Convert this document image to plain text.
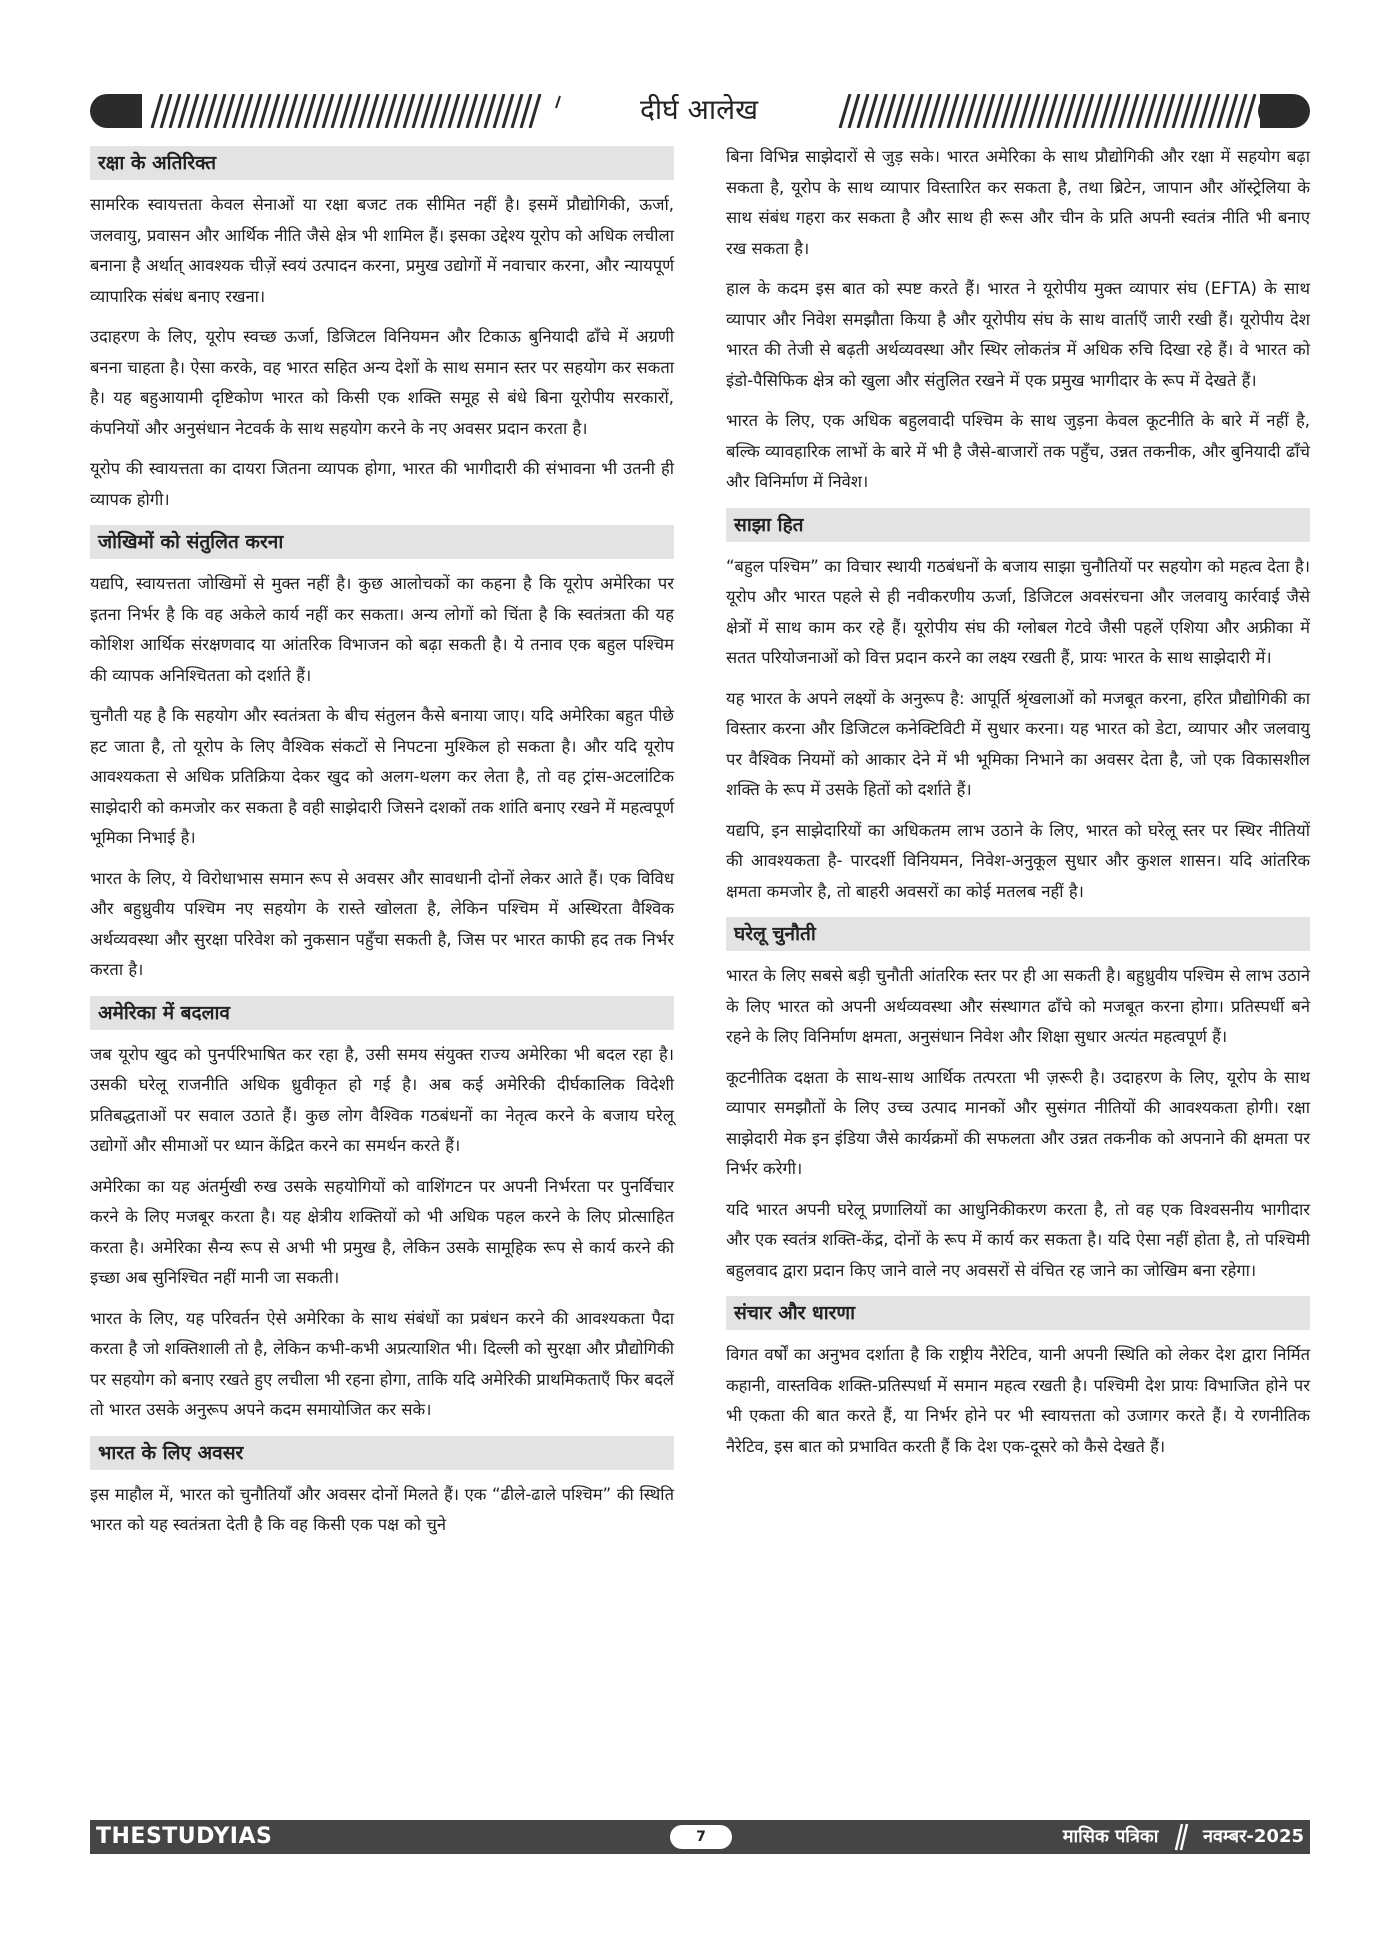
दीर्घ आलेख
रक्षा के अतिरिक्त

सामरिक स्वायत्तता केवल सेनाओं या रक्षा बजट तक सीमित नहीं है। इसमें प्रौद्योगिकी, ऊर्जा, जलवायु, प्रवासन और आर्थिक नीति जैसे क्षेत्र भी शामिल हैं। इसका उद्देश्य यूरोप को अधिक लचीला बनाना है अर्थात् आवश्यक चीज़ें स्वयं उत्पादन करना, प्रमुख उद्योगों में नवाचार करना, और न्यायपूर्ण व्यापारिक संबंध बनाए रखना।

उदाहरण के लिए, यूरोप स्वच्छ ऊर्जा, डिजिटल विनियमन और टिकाऊ बुनियादी ढाँचे में अग्रणी बनना चाहता है। ऐसा करके, वह भारत सहित अन्य देशों के साथ समान स्तर पर सहयोग कर सकता है। यह बहुआयामी दृष्टिकोण भारत को किसी एक शक्ति समूह से बंधे बिना यूरोपीय सरकारों, कंपनियों और अनुसंधान नेटवर्क के साथ सहयोग करने के नए अवसर प्रदान करता है।

यूरोप की स्वायत्तता का दायरा जितना व्यापक होगा, भारत की भागीदारी की संभावना भी उतनी ही व्यापक होगी।

जोखिमों को संतुलित करना

यद्यपि, स्वायत्तता जोखिमों से मुक्त नहीं है। कुछ आलोचकों का कहना है कि यूरोप अमेरिका पर इतना निर्भर है कि वह अकेले कार्य नहीं कर सकता। अन्य लोगों को चिंता है कि स्वतंत्रता की यह कोशिश आर्थिक संरक्षणवाद या आंतरिक विभाजन को बढ़ा सकती है। ये तनाव एक बहुल पश्चिम की व्यापक अनिश्चितता को दर्शाते हैं।

चुनौती यह है कि सहयोग और स्वतंत्रता के बीच संतुलन कैसे बनाया जाए। यदि अमेरिका बहुत पीछे हट जाता है, तो यूरोप के लिए वैश्विक संकटों से निपटना मुश्किल हो सकता है। और यदि यूरोप आवश्यकता से अधिक प्रतिक्रिया देकर खुद को अलग-थलग कर लेता है, तो वह ट्रांस-अटलांटिक साझेदारी को कमजोर कर सकता है वही साझेदारी जिसने दशकों तक शांति बनाए रखने में महत्वपूर्ण भूमिका निभाई है।

भारत के लिए, ये विरोधाभास समान रूप से अवसर और सावधानी दोनों लेकर आते हैं। एक विविध और बहुध्रुवीय पश्चिम नए सहयोग के रास्ते खोलता है, लेकिन पश्चिम में अस्थिरता वैश्विक अर्थव्यवस्था और सुरक्षा परिवेश को नुकसान पहुँचा सकती है, जिस पर भारत काफी हद तक निर्भर करता है।

अमेरिका में बदलाव

जब यूरोप खुद को पुनर्परिभाषित कर रहा है, उसी समय संयुक्त राज्य अमेरिका भी बदल रहा है। उसकी घरेलू राजनीति अधिक ध्रुवीकृत हो गई है। अब कई अमेरिकी दीर्घकालिक विदेशी प्रतिबद्धताओं पर सवाल उठाते हैं। कुछ लोग वैश्विक गठबंधनों का नेतृत्व करने के बजाय घरेलू उद्योगों और सीमाओं पर ध्यान केंद्रित करने का समर्थन करते हैं।

अमेरिका का यह अंतर्मुखी रुख उसके सहयोगियों को वाशिंगटन पर अपनी निर्भरता पर पुनर्विचार करने के लिए मजबूर करता है। यह क्षेत्रीय शक्तियों को भी अधिक पहल करने के लिए प्रोत्साहित करता है। अमेरिका सैन्य रूप से अभी भी प्रमुख है, लेकिन उसके सामूहिक रूप से कार्य करने की इच्छा अब सुनिश्चित नहीं मानी जा सकती।

भारत के लिए, यह परिवर्तन ऐसे अमेरिका के साथ संबंधों का प्रबंधन करने की आवश्यकता पैदा करता है जो शक्तिशाली तो है, लेकिन कभी-कभी अप्रत्याशित भी। दिल्ली को सुरक्षा और प्रौद्योगिकी पर सहयोग को बनाए रखते हुए लचीला भी रहना होगा, ताकि यदि अमेरिकी प्राथमिकताएँ फिर बदलें तो भारत उसके अनुरूप अपने कदम समायोजित कर सके।

भारत के लिए अवसर

इस माहौल में, भारत को चुनौतियाँ और अवसर दोनों मिलते हैं। एक “ढीले-ढाले पश्चिम” की स्थिति भारत को यह स्वतंत्रता देती है कि वह किसी एक पक्ष को चुने

बिना विभिन्न साझेदारों से जुड़ सके। भारत अमेरिका के साथ प्रौद्योगिकी और रक्षा में सहयोग बढ़ा सकता है, यूरोप के साथ व्यापार विस्तारित कर सकता है, तथा ब्रिटेन, जापान और ऑस्ट्रेलिया के साथ संबंध गहरा कर सकता है और साथ ही रूस और चीन के प्रति अपनी स्वतंत्र नीति भी बनाए रख सकता है।

हाल के कदम इस बात को स्पष्ट करते हैं। भारत ने यूरोपीय मुक्त व्यापार संघ (EFTA) के साथ व्यापार और निवेश समझौता किया है और यूरोपीय संघ के साथ वार्ताएँ जारी रखी हैं। यूरोपीय देश भारत की तेजी से बढ़ती अर्थव्यवस्था और स्थिर लोकतंत्र में अधिक रुचि दिखा रहे हैं। वे भारत को इंडो-पैसिफिक क्षेत्र को खुला और संतुलित रखने में एक प्रमुख भागीदार के रूप में देखते हैं।

भारत के लिए, एक अधिक बहुलवादी पश्चिम के साथ जुड़ना केवल कूटनीति के बारे में नहीं है, बल्कि व्यावहारिक लाभों के बारे में भी है जैसे-बाजारों तक पहुँच, उन्नत तकनीक, और बुनियादी ढाँचे और विनिर्माण में निवेश।

साझा हित

“बहुल पश्चिम” का विचार स्थायी गठबंधनों के बजाय साझा चुनौतियों पर सहयोग को महत्व देता है। यूरोप और भारत पहले से ही नवीकरणीय ऊर्जा, डिजिटल अवसंरचना और जलवायु कार्रवाई जैसे क्षेत्रों में साथ काम कर रहे हैं। यूरोपीय संघ की ग्लोबल गेटवे जैसी पहलें एशिया और अफ्रीका में सतत परियोजनाओं को वित्त प्रदान करने का लक्ष्य रखती हैं, प्रायः भारत के साथ साझेदारी में।

यह भारत के अपने लक्ष्यों के अनुरूप है: आपूर्ति श्रृंखलाओं को मजबूत करना, हरित प्रौद्योगिकी का विस्तार करना और डिजिटल कनेक्टिविटी में सुधार करना। यह भारत को डेटा, व्यापार और जलवायु पर वैश्विक नियमों को आकार देने में भी भूमिका निभाने का अवसर देता है, जो एक विकासशील शक्ति के रूप में उसके हितों को दर्शाते हैं।

यद्यपि, इन साझेदारियों का अधिकतम लाभ उठाने के लिए, भारत को घरेलू स्तर पर स्थिर नीतियों की आवश्यकता है- पारदर्शी विनियमन, निवेश-अनुकूल सुधार और कुशल शासन। यदि आंतरिक क्षमता कमजोर है, तो बाहरी अवसरों का कोई मतलब नहीं है।

घरेलू चुनौती

भारत के लिए सबसे बड़ी चुनौती आंतरिक स्तर पर ही आ सकती है। बहुध्रुवीय पश्चिम से लाभ उठाने के लिए भारत को अपनी अर्थव्यवस्था और संस्थागत ढाँचे को मजबूत करना होगा। प्रतिस्पर्धी बने रहने के लिए विनिर्माण क्षमता, अनुसंधान निवेश और शिक्षा सुधार अत्यंत महत्वपूर्ण हैं।

कूटनीतिक दक्षता के साथ-साथ आर्थिक तत्परता भी ज़रूरी है। उदाहरण के लिए, यूरोप के साथ व्यापार समझौतों के लिए उच्च उत्पाद मानकों और सुसंगत नीतियों की आवश्यकता होगी। रक्षा साझेदारी मेक इन इंडिया जैसे कार्यक्रमों की सफलता और उन्नत तकनीक को अपनाने की क्षमता पर निर्भर करेगी।

यदि भारत अपनी घरेलू प्रणालियों का आधुनिकीकरण करता है, तो वह एक विश्वसनीय भागीदार और एक स्वतंत्र शक्ति-केंद्र, दोनों के रूप में कार्य कर सकता है। यदि ऐसा नहीं होता है, तो पश्चिमी बहुलवाद द्वारा प्रदान किए जाने वाले नए अवसरों से वंचित रह जाने का जोखिम बना रहेगा।

संचार और धारणा

विगत वर्षों का अनुभव दर्शाता है कि राष्ट्रीय नैरेटिव, यानी अपनी स्थिति को लेकर देश द्वारा निर्मित कहानी, वास्तविक शक्ति-प्रतिस्पर्धा में समान महत्व रखती है। पश्चिमी देश प्रायः विभाजित होने पर भी एकता की बात करते हैं, या निर्भर होने पर भी स्वायत्तता को उजागर करते हैं। ये रणनीतिक नैरेटिव, इस बात को प्रभावित करती हैं कि देश एक-दूसरे को कैसे देखते हैं।

THESTUDYIAS	7	मासिक पत्रिका नवम्बर-2025
